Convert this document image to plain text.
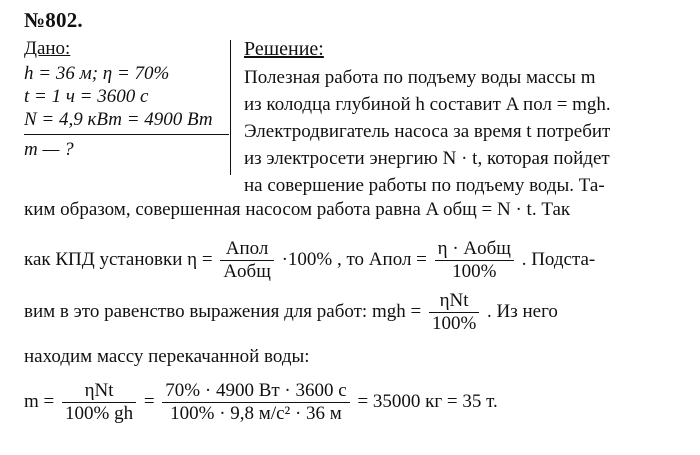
№802.
Дано:
h = 36 м; η = 70%
t = 1 ч = 3600 с
N = 4,9 кВт = 4900 Вт
m — ?
Решение:
Полезная работа по подъему воды массы m
из колодца глубиной h составит A пол = mgh.
Электродвигатель насоса за время t потребит
из электросети энергию N · t, которая пойдет
на совершение работы по подъему воды. Та-
ким образом, совершенная насосом работа равна A общ = N · t. Так
как КПД установки $\eta = \frac{\text{Aпол}}{\text{Aобщ}} \cdot 100\%$ , то Aпол = $\frac{\text{η · Aобщ}}{100\%}$ . Подста-
вим в это равенство выражения для работ: mgh = $\frac{\text{ηNt}}{100\%}$ . Из него
находим массу перекачанной воды:
$m = \frac{\text{ηNt}}{100\% gh} = \frac{70\% \cdot 4900 Вт \cdot 3600 с}{\text{100\% · 9,8 м/с² · 36 м}} = 35000$ кг = 35 т.
